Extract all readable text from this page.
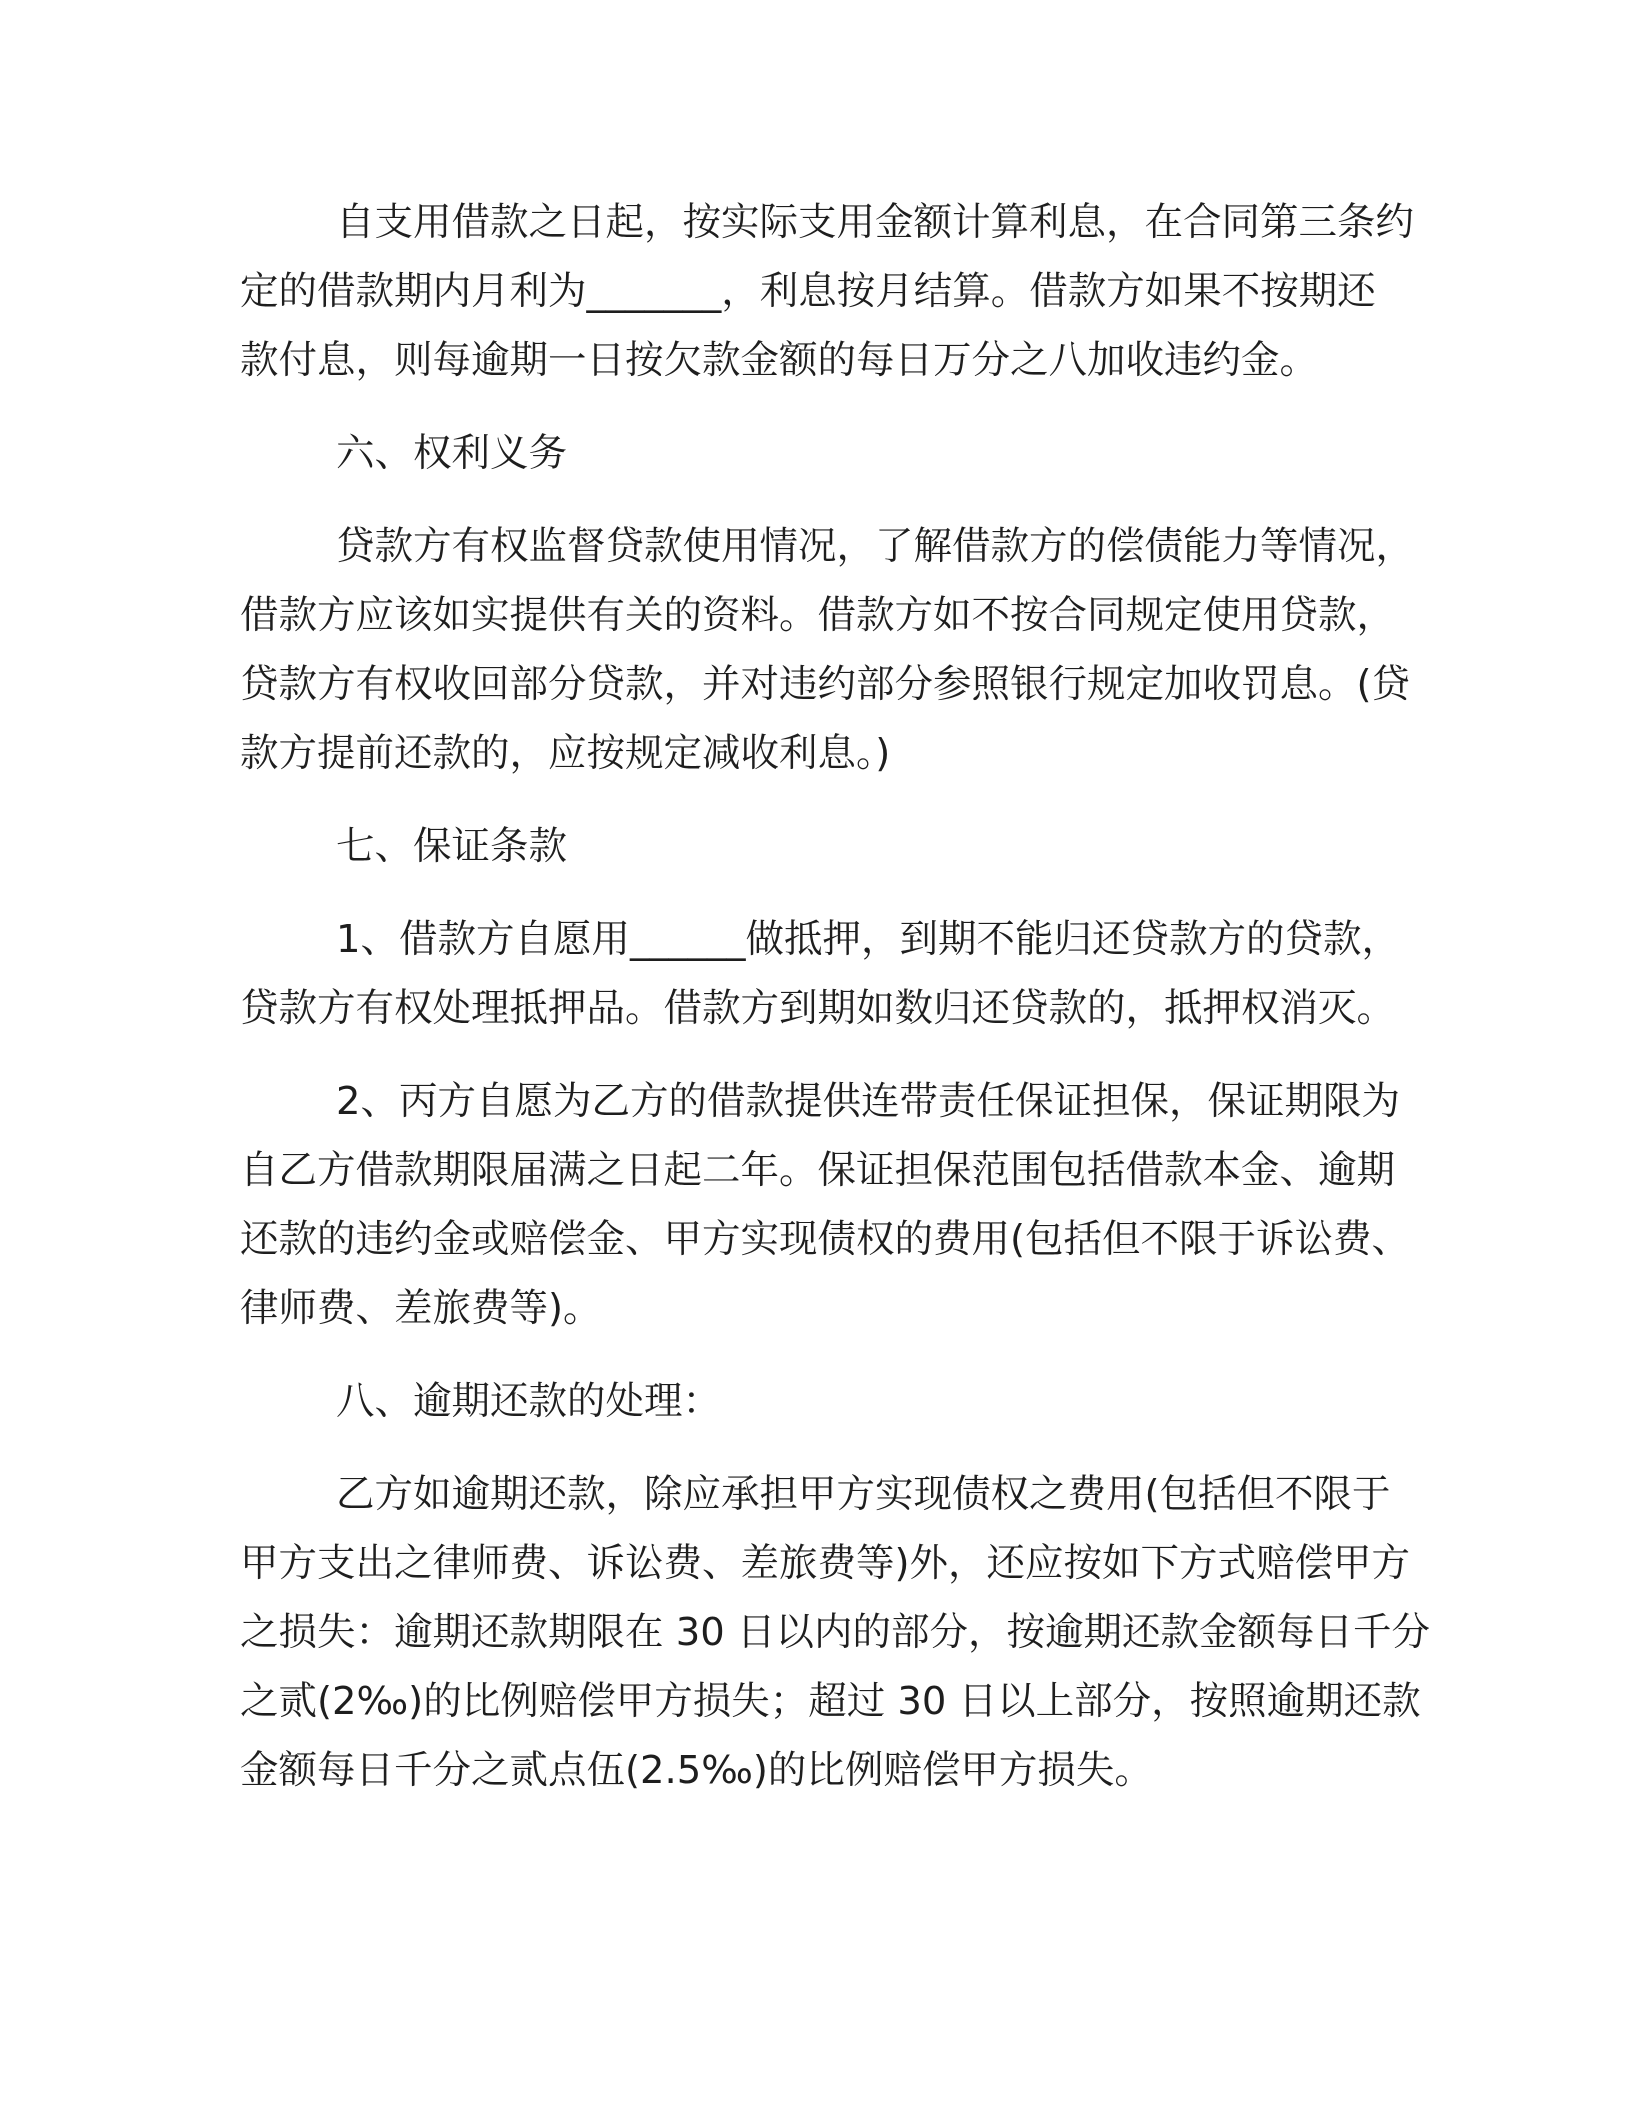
自支用借款之日起，按实际支用金额计算利息，在合同第三条约
定的借款期内月利为_______，利息按月结算。借款方如果不按期还
款付息，则每逾期一日按欠款金额的每日万分之八加收违约金。
六、权利义务
贷款方有权监督贷款使用情况，了解借款方的偿债能力等情况，
借款方应该如实提供有关的资料。借款方如不按合同规定使用贷款，
贷款方有权收回部分贷款，并对违约部分参照银行规定加收罚息。(贷
款方提前还款的，应按规定减收利息。)
七、保证条款
1、借款方自愿用______做抵押，到期不能归还贷款方的贷款，
贷款方有权处理抵押品。借款方到期如数归还贷款的，抵押权消灭。
2、丙方自愿为乙方的借款提供连带责任保证担保，保证期限为
自乙方借款期限届满之日起二年。保证担保范围包括借款本金、逾期
还款的违约金或赔偿金、甲方实现债权的费用(包括但不限于诉讼费、
律师费、差旅费等)。
八、逾期还款的处理：
乙方如逾期还款，除应承担甲方实现债权之费用(包括但不限于
甲方支出之律师费、诉讼费、差旅费等)外，还应按如下方式赔偿甲方
之损失：逾期还款期限在 30 日以内的部分，按逾期还款金额每日千分
之贰(2‰)的比例赔偿甲方损失；超过 30 日以上部分，按照逾期还款
金额每日千分之贰点伍(2.5‰)的比例赔偿甲方损失。
